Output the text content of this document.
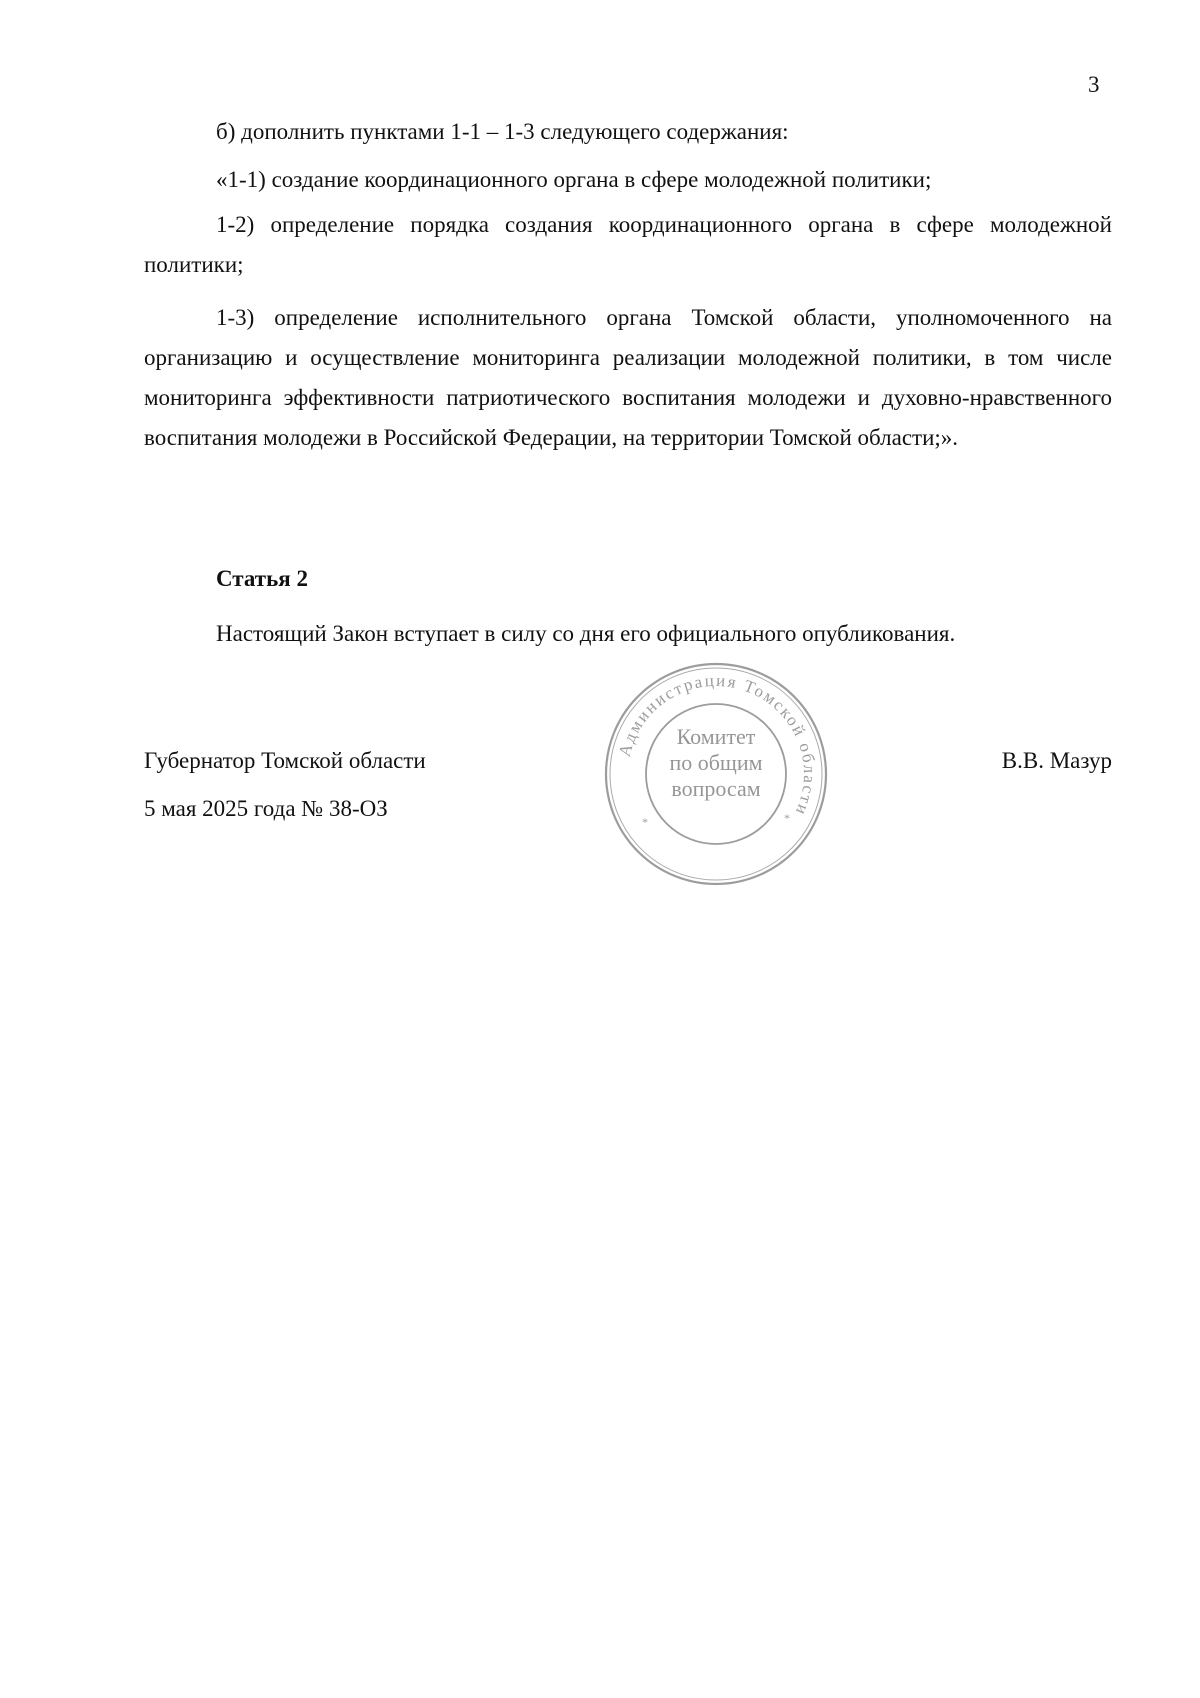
3

б) дополнить пунктами 1-1 – 1-3 следующего содержания:

«1-1) создание координационного органа в сфере молодежной политики;

1-2) определение порядка создания координационного органа в сфере молодежной политики;

1-3) определение исполнительного органа Томской области, уполномоченного на организацию и осуществление мониторинга реализации молодежной политики, в том числе мониторинга эффективности патриотического воспитания молодежи и духовно-нравственного воспитания молодежи в Российской Федерации, на территории Томской области;».

Статья 2

Настоящий Закон вступает в силу со дня его официального опубликования.

Губернатор Томской области
5 мая 2025 года № 38-ОЗ
В.В. Мазур
Администрация Томской области
Комитет
по общим
вопросам
*	*
